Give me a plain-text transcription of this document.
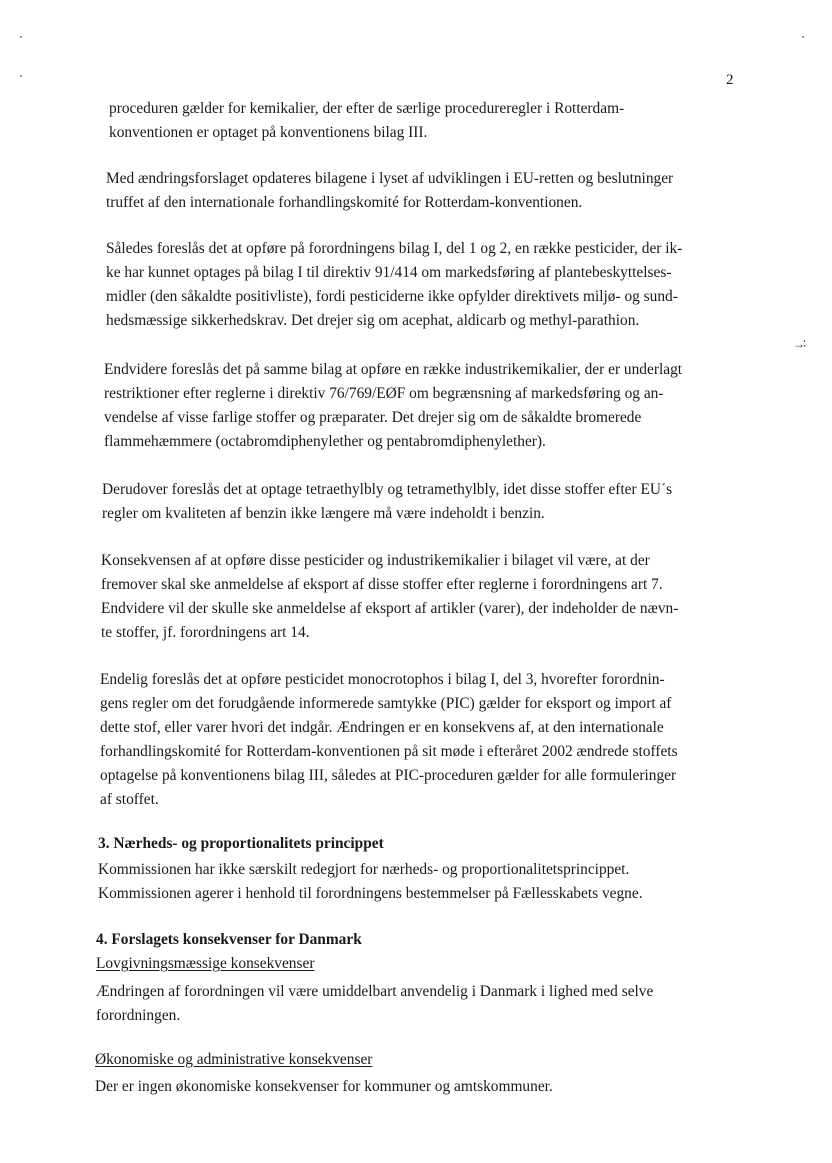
→∶
2
proceduren gælder for kemikalier, der efter de særlige procedureregler i Rotterdam-
konventionen er optaget på konventionens bilag III.
Med ændringsforslaget opdateres bilagene i lyset af udviklingen i EU-retten og beslutninger
truffet af den internationale forhandlingskomité for Rotterdam-konventionen.
Således foreslås det at opføre på forordningens bilag I, del 1 og 2, en række pesticider, der ik-
ke har kunnet optages på bilag I til direktiv 91/414 om markedsføring af plantebeskyttelses-
midler (den såkaldte positivliste), fordi pesticiderne ikke opfylder direktivets miljø- og sund-
hedsmæssige sikkerhedskrav. Det drejer sig om acephat, aldicarb og methyl-parathion.
Endvidere foreslås det på samme bilag at opføre en række industrikemikalier, der er underlagt
restriktioner efter reglerne i direktiv 76/769/EØF om begrænsning af markedsføring og an-
vendelse af visse farlige stoffer og præparater. Det drejer sig om de såkaldte bromerede
flammehæmmere (octabromdiphenylether og pentabromdiphenylether).
Derudover foreslås det at optage tetraethylbly og tetramethylbly, idet disse stoffer efter EU´s
regler om kvaliteten af benzin ikke længere må være indeholdt i benzin.
Konsekvensen af at opføre disse pesticider og industrikemikalier i bilaget vil være, at der
fremover skal ske anmeldelse af eksport af disse stoffer efter reglerne i forordningens art 7.
Endvidere vil der skulle ske anmeldelse af eksport af artikler (varer), der indeholder de nævn-
te stoffer, jf. forordningens art 14.
Endelig foreslås det at opføre pesticidet monocrotophos i bilag I, del 3, hvorefter forordnin-
gens regler om det forudgående informerede samtykke (PIC) gælder for eksport og import af
dette stof, eller varer hvori det indgår. Ændringen er en konsekvens af, at den internationale
forhandlingskomité for Rotterdam-konventionen på sit møde i efteråret 2002 ændrede stoffets
optagelse på konventionens bilag III, således at PIC-proceduren gælder for alle formuleringer
af stoffet.
3. Nærheds- og proportionalitets princippet
Kommissionen har ikke særskilt redegjort for nærheds- og proportionalitetsprincippet.
Kommissionen agerer i henhold til forordningens bestemmelser på Fællesskabets vegne.
4. Forslagets konsekvenser for Danmark
Lovgivningsmæssige konsekvenser
Ændringen af forordningen vil være umiddelbart anvendelig i Danmark i lighed med selve
forordningen.
Økonomiske og administrative konsekvenser
Der er ingen økonomiske konsekvenser for kommuner og amtskommuner.
